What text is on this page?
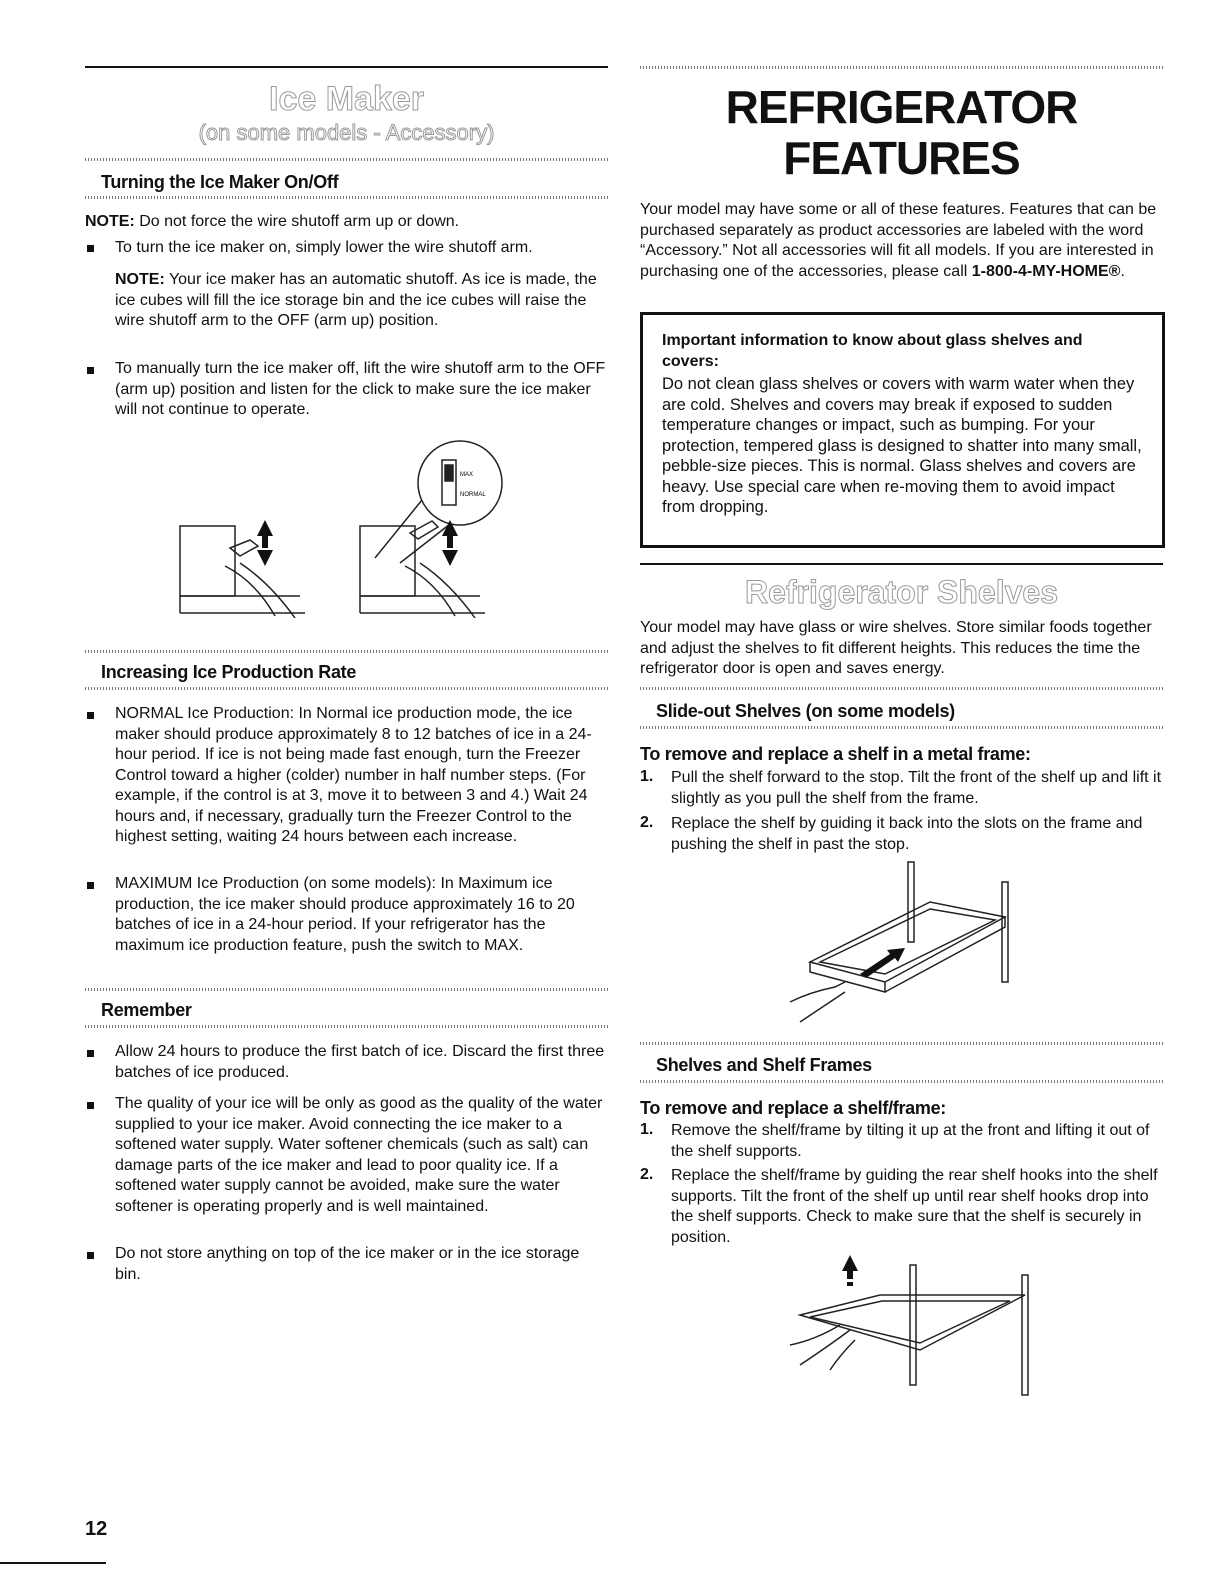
Ice Maker
(on some models - Accessory)
Turning the Ice Maker On/Off
NOTE: Do not force the wire shutoff arm up or down.
To turn the ice maker on, simply lower the wire shutoff arm.
NOTE: Your ice maker has an automatic shutoff. As ice is made, the ice cubes will fill the ice storage bin and the ice cubes will raise the wire shutoff arm to the OFF (arm up) position.
To manually turn the ice maker off, lift the wire shutoff arm to the OFF (arm up) position and listen for the click to make sure the ice maker will not continue to operate.
MAX
NORMAL
Increasing Ice Production Rate
NORMAL Ice Production: In Normal ice production mode, the ice maker should produce approximately 8 to 12 batches of ice in a 24-hour period. If ice is not being made fast enough, turn the Freezer Control toward a higher (colder) number in half number steps. (For example, if the control is at 3, move it to between 3 and 4.) Wait 24 hours and, if necessary, gradually turn the Freezer Control to the highest setting, waiting 24 hours between each increase.
MAXIMUM Ice Production (on some models): In Maximum ice production, the ice maker should produce approximately 16 to 20 batches of ice in a 24-hour period. If your refrigerator has the maximum ice production feature, push the switch to MAX.
Remember
Allow 24 hours to produce the first batch of ice. Discard the first three batches of ice produced.
The quality of your ice will be only as good as the quality of the water supplied to your ice maker. Avoid connecting the ice maker to a softened water supply. Water softener chemicals (such as salt) can damage parts of the ice maker and lead to poor quality ice. If a softened water supply cannot be avoided, make sure the water softener is operating properly and is well maintained.
Do not store anything on top of the ice maker or in the ice storage bin.
12
REFRIGERATOR
FEATURES
Your model may have some or all of these features. Features that can be purchased separately as product accessories are labeled with the word “Accessory.” Not all accessories will fit all models. If you are interested in purchasing one of the accessories, please call 1-800-4-MY-HOME®.
Important information to know about glass shelves and covers:
Do not clean glass shelves or covers with warm water when they are cold. Shelves and covers may break if exposed to sudden temperature changes or impact, such as bumping. For your protection, tempered glass is designed to shatter into many small, pebble-size pieces. This is normal. Glass shelves and covers are heavy. Use special care when re-moving them to avoid impact from dropping.
Refrigerator Shelves
Your model may have glass or wire shelves. Store similar foods together and adjust the shelves to fit different heights. This reduces the time the refrigerator door is open and saves energy.
Slide-out Shelves (on some models)
To remove and replace a shelf in a metal frame:
1. Pull the shelf forward to the stop. Tilt the front of the shelf up and lift it slightly as you pull the shelf from the frame.
2. Replace the shelf by guiding it back into the slots on the frame and pushing the shelf in past the stop.
Shelves and Shelf Frames
To remove and replace a shelf/frame:
1. Remove the shelf/frame by tilting it up at the front and lifting it out of the shelf supports.
2. Replace the shelf/frame by guiding the rear shelf hooks into the shelf supports. Tilt the front of the shelf up until rear shelf hooks drop into the shelf supports. Check to make sure that the shelf is securely in position.
